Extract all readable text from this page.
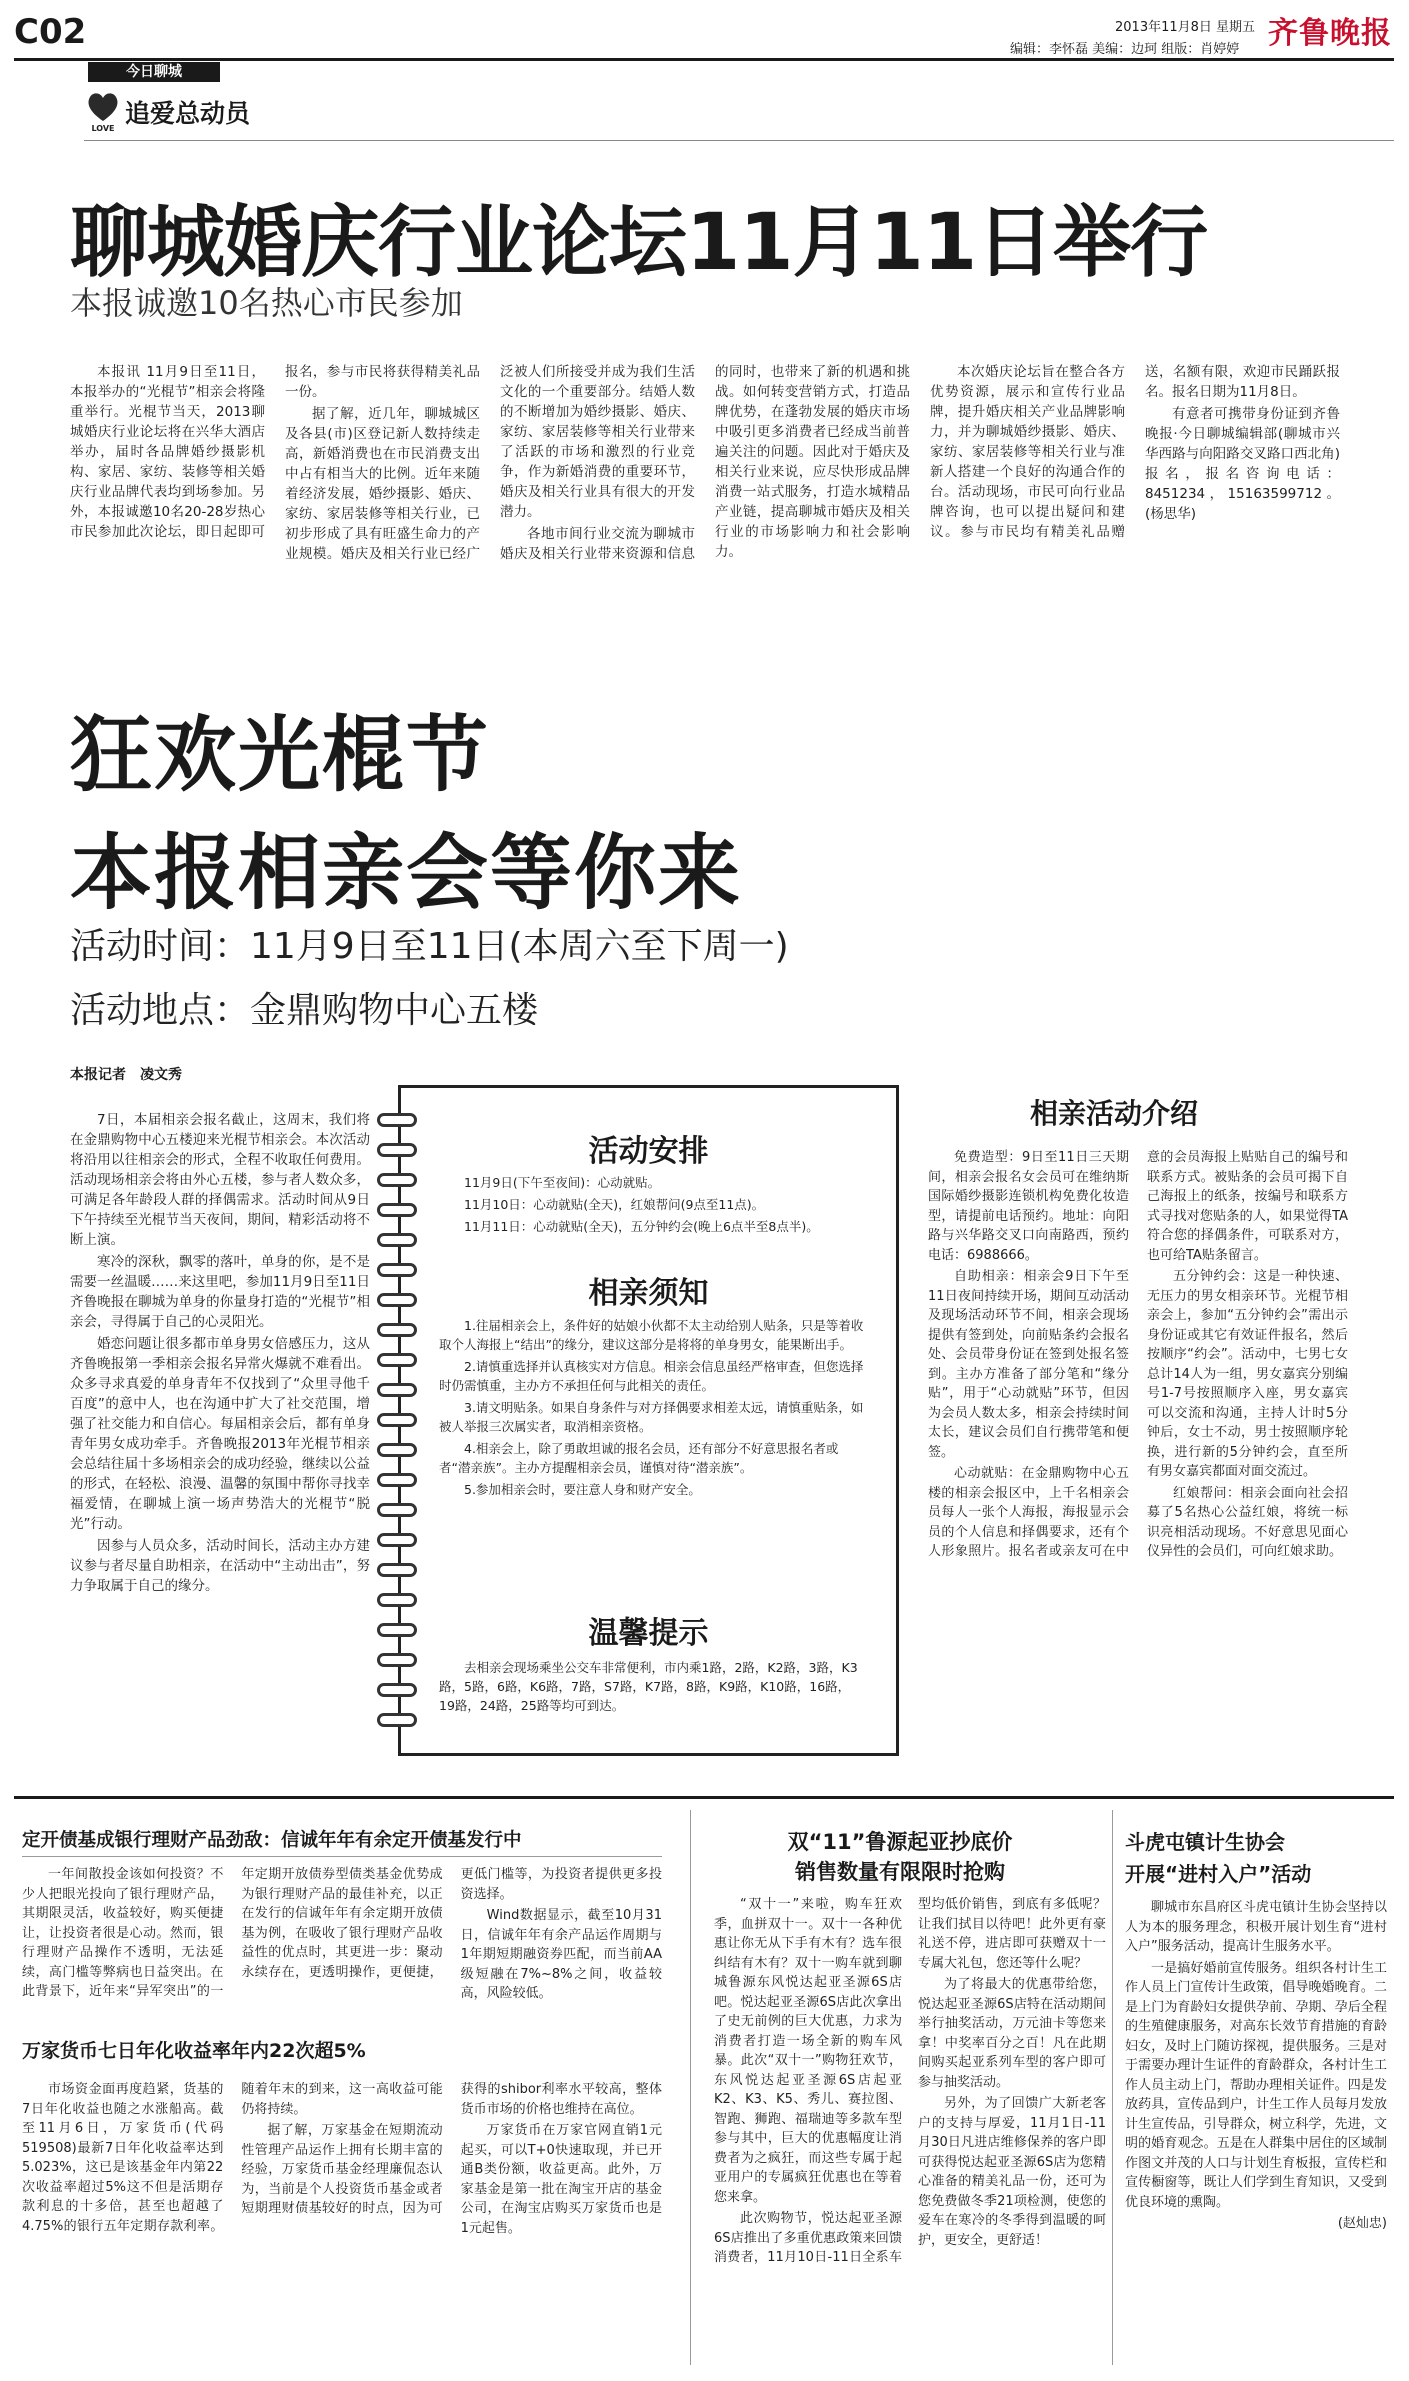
C02	2013年11月8日 星期五
编辑：李怀磊 美编：边珂 组版：肖婷婷 齐鲁晚报
今日聊城
LOVE
追爱总动员
聊城婚庆行业论坛11月11日举行
本报诚邀10名热心市民参加

本报讯 11月9日至11日，本报举办的“光棍节”相亲会将隆重举行。光棍节当天，2013聊城婚庆行业论坛将在兴华大酒店举办，届时各品牌婚纱摄影机构、家居、家纺、装修等相关婚庆行业品牌代表均到场参加。另外，本报诚邀10名20-28岁热心市民参加此次论坛，即日起即可报名，参与市民将获得精美礼品一份。

据了解，近几年，聊城城区及各县(市)区登记新人数持续走高，新婚消费也在市民消费支出中占有相当大的比例。近年来随着经济发展，婚纱摄影、婚庆、家纺、家居装修等相关行业，已初步形成了具有旺盛生命力的产业规模。婚庆及相关行业已经广泛被人们所接受并成为我们生活文化的一个重要部分。结婚人数的不断增加为婚纱摄影、婚庆、家纺、家居装修等相关行业带来了活跃的市场和激烈的行业竞争，作为新婚消费的重要环节，婚庆及相关行业具有很大的开发潜力。

各地市间行业交流为聊城市婚庆及相关行业带来资源和信息的同时，也带来了新的机遇和挑战。如何转变营销方式，打造品牌优势，在蓬勃发展的婚庆市场中吸引更多消费者已经成当前普遍关注的问题。因此对于婚庆及相关行业来说，应尽快形成品牌消费一站式服务，打造水城精品产业链，提高聊城市婚庆及相关行业的市场影响力和社会影响力。

本次婚庆论坛旨在整合各方优势资源，展示和宣传行业品牌，提升婚庆相关产业品牌影响力，并为聊城婚纱摄影、婚庆、家纺、家居装修等相关行业与准新人搭建一个良好的沟通合作的台。活动现场，市民可向行业品牌咨询，也可以提出疑问和建议。参与市民均有精美礼品赠送，名额有限，欢迎市民踊跃报名。报名日期为11月8日。

有意者可携带身份证到齐鲁晚报·今日聊城编辑部(聊城市兴华西路与向阳路交叉路口西北角)报名，报名咨询电话：8451234，15163599712。(杨思华)

狂欢光棍节
本报相亲会等你来
活动时间：11月9日至11日(本周六至下周一)
活动地点：金鼎购物中心五楼
本报记者　凌文秀

7日，本届相亲会报名截止，这周末，我们将在金鼎购物中心五楼迎来光棍节相亲会。本次活动将沿用以往相亲会的形式，全程不收取任何费用。活动现场相亲会将由外心五楼，参与者人数众多，可满足各年龄段人群的择偶需求。活动时间从9日下午持续至光棍节当天夜间，期间，精彩活动将不断上演。

寒冷的深秋，飘零的落叶，单身的你，是不是需要一丝温暖……来这里吧，参加11月9日至11日齐鲁晚报在聊城为单身的你量身打造的“光棍节”相亲会，寻得属于自己的心灵阳光。

婚恋问题让很多都市单身男女倍感压力，这从齐鲁晚报第一季相亲会报名异常火爆就不难看出。众多寻求真爱的单身青年不仅找到了“众里寻他千百度”的意中人，也在沟通中扩大了社交范围，增强了社交能力和自信心。每届相亲会后，都有单身青年男女成功牵手。齐鲁晚报2013年光棍节相亲会总结往届十多场相亲会的成功经验，继续以公益的形式，在轻松、浪漫、温馨的氛围中帮你寻找幸福爱情，在聊城上演一场声势浩大的光棍节“脱光”行动。

因参与人员众多，活动时间长，活动主办方建议参与者尽量自助相亲，在活动中“主动出击”，努力争取属于自己的缘分。

活动安排

11月9日(下午至夜间)：心动就贴。

11月10日：心动就贴(全天)，红娘帮问(9点至11点)。

11月11日：心动就贴(全天)，五分钟约会(晚上6点半至8点半)。

相亲须知

1.往届相亲会上，条件好的姑娘小伙都不太主动给别人贴条，只是等着收取个人海报上“结出”的缘分，建议这部分是将将的单身男女，能果断出手。

2.请慎重选择并认真核实对方信息。相亲会信息虽经严格审查，但您选择时仍需慎重，主办方不承担任何与此相关的责任。

3.请文明贴条。如果自身条件与对方择偶要求相差太远，请慎重贴条，如被人举报三次属实者，取消相亲资格。

4.相亲会上，除了勇敢坦诚的报名会员，还有部分不好意思报名者或者“潜亲族”。主办方提醒相亲会员，谨慎对待“潜亲族”。

5.参加相亲会时，要注意人身和财产安全。

温馨提示

去相亲会现场乘坐公交车非常便利，市内乘1路，2路，K2路，3路，K3路，5路，6路，K6路，7路，S7路，K7路，8路，K9路，K10路，16路，19路，24路，25路等均可到达。

相亲活动介绍

免费造型：9日至11日三天期间，相亲会报名女会员可在维纳斯国际婚纱摄影连锁机构免费化妆造型，请提前电话预约。地址：向阳路与兴华路交叉口向南路西，预约电话：6988666。

自助相亲：相亲会9日下午至11日夜间持续开场，期间互动活动及现场活动环节不间，相亲会现场提供有签到处，向前贴条约会报名处、会员带身份证在签到处报名签到。主办方准备了部分笔和“缘分贴”，用于“心动就贴”环节，但因为会员人数太多，相亲会持续时间太长，建议会员们自行携带笔和便签。

心动就贴：在金鼎购物中心五楼的相亲会报区中，上千名相亲会员每人一张个人海报，海报显示会员的个人信息和择偶要求，还有个人形象照片。报名者或亲友可在中意的会员海报上贴贴自己的编号和联系方式。被贴条的会员可揭下自己海报上的纸条，按编号和联系方式寻找对您贴条的人，如果觉得TA符合您的择偶条件，可联系对方，也可给TA贴条留言。

五分钟约会：这是一种快速、无压力的男女相亲环节。光棍节相亲会上，参加“五分钟约会”需出示身份证或其它有效证件报名，然后按顺序“约会”。活动中，七男七女总计14人为一组，男女嘉宾分别编号1-7号按照顺序入座，男女嘉宾可以交流和沟通，主持人计时5分钟后，女士不动，男士按照顺序轮换，进行新的5分钟约会，直至所有男女嘉宾都面对面交流过。

红娘帮问：相亲会面向社会招募了5名热心公益红娘，将统一标识亮相活动现场。不好意思见面心仪异性的会员们，可向红娘求助。

定开债基成银行理财产品劲敌：信诚年年有余定开债基发行中

一年间散投金该如何投资？不少人把眼光投向了银行理财产品，其期限灵活，收益较好，购买便捷让，让投资者很是心动。然而，银行理财产品操作不透明，无法延续，高门槛等弊病也日益突出。在此背景下，近年来“异军突出”的一年定期开放债券型债类基金优势成为银行理财产品的最佳补充，以正在发行的信诚年年有余定期开放债基为例，在吸收了银行理财产品收益性的优点时，其更进一步：聚动永续存在，更透明操作，更便捷，更低门槛等，为投资者提供更多投资选择。

Wind数据显示，截至10月31日，信诚年年有余产品运作周期与1年期短期融资券匹配，而当前AA级短融在7%~8%之间，收益较高，风险较低。

万家货币七日年化收益率年内22次超5%

市场资金面再度趋紧，货基的7日年化收益也随之水涨船高。截至11月6日，万家货币(代码519508)最新7日年化收益率达到5.023%，这已是该基金年内第22次收益率超过5%这不但是活期存款利息的十多倍，甚至也超越了4.75%的银行五年定期存款利率。随着年末的到来，这一高收益可能仍将持续。

据了解，万家基金在短期流动性管理产品运作上拥有长期丰富的经验，万家货币基金经理廉侃态认为，当前是个人投资货币基金或者短期理财债基较好的时点，因为可获得的shibor利率水平较高，整体货币市场的价格也维持在高位。

万家货币在万家官网直销1元起买，可以T+0快速取现，并已开通B类份额，收益更高。此外，万家基金是第一批在淘宝开店的基金公司，在淘宝店购买万家货币也是1元起售。

双“11”鲁源起亚抄底价
销售数量有限限时抢购

“双十一”来啦，购车狂欢季，血拼双十一。双十一各种优惠让你无从下手有木有？选车很纠结有木有？双十一购车就到聊城鲁源东风悦达起亚圣源6S店吧。悦达起亚圣源6S店此次拿出了史无前例的巨大优惠，力求为消费者打造一场全新的购车风暴。此次“双十一”购物狂欢节，东风悦达起亚圣源6S店起亚K2、K3、K5、秀儿、赛拉图、智跑、狮跑、福瑞迪等多款车型参与其中，巨大的优惠幅度让消费者为之疯狂，而这些专属于起亚用户的专属疯狂优惠也在等着您来拿。

此次购物节，悦达起亚圣源6S店推出了多重优惠政策来回馈消费者，11月10日-11日全系车型均低价销售，到底有多低呢？让我们拭目以待吧！此外更有豪礼送不停，进店即可获赠双十一专属大礼包，您还等什么呢？

为了将最大的优惠带给您，悦达起亚圣源6S店特在活动期间举行抽奖活动，万元油卡等您来拿！中奖率百分之百！凡在此期间购买起亚系列车型的客户即可参与抽奖活动。

另外，为了回馈广大新老客户的支持与厚爱，11月1日-11月30日凡进店维修保养的客户即可获得悦达起亚圣源6S店为您精心准备的精美礼品一份，还可为您免费做冬季21项检测，使您的爱车在寒冷的冬季得到温暖的呵护，更安全，更舒适！

斗虎屯镇计生协会
开展“进村入户”活动

聊城市东昌府区斗虎屯镇计生协会坚持以人为本的服务理念，积极开展计划生育“进村入户”服务活动，提高计生服务水平。

一是搞好婚前宣传服务。组织各村计生工作人员上门宣传计生政策，倡导晚婚晚育。二是上门为育龄妇女提供孕前、孕期、孕后全程的生殖健康服务，对高东长效节育措施的育龄妇女，及时上门随访探视，提供服务。三是对于需要办理计生证件的育龄群众，各村计生工作人员主动上门，帮助办理相关证件。四是发放药具，宣传品到户，计生工作人员每月发放计生宣传品，引导群众，树立科学，先进，文明的婚育观念。五是在人群集中居住的区域制作图文并茂的人口与计划生育板报，宣传栏和宣传橱窗等，既让人们学到生育知识，又受到优良环境的熏陶。

(赵灿忠)
